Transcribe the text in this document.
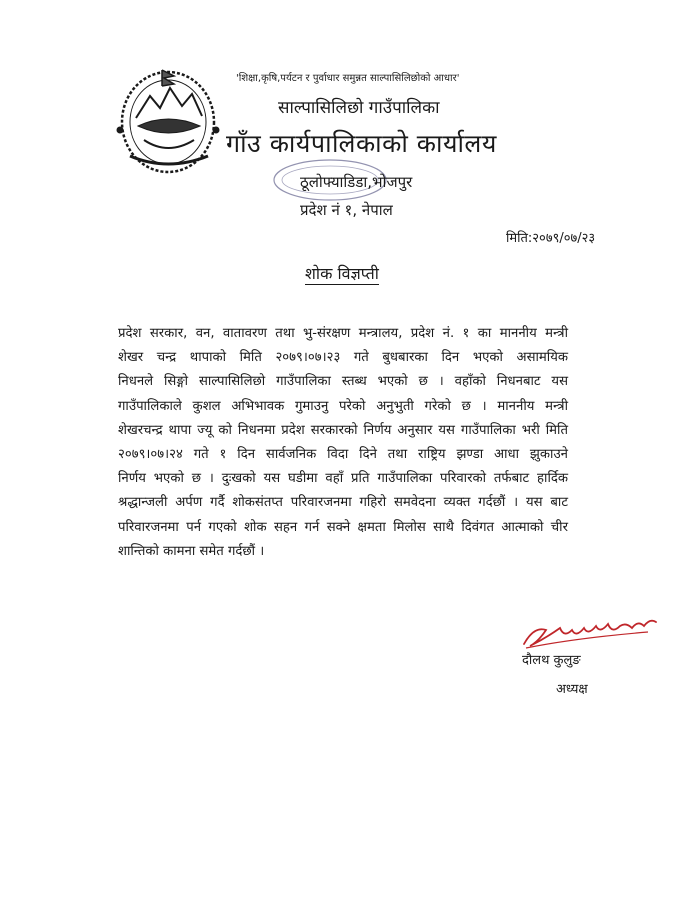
'शिक्षा,कृषि,पर्यटन र पुर्वाधार समुन्नत साल्पासिलिछोको आधार'
साल्पासिलिछो गाउँपालिका
गाँउ कार्यपालिकाको कार्यालय
ठूलोफ्याडिडा,भोजपुर
प्रदेश नं १, नेपाल
मिति:२०७९/०७/२३
शोक विज्ञप्ती
प्रदेश सरकार, वन, वातावरण तथा भु-संरक्षण मन्त्रालय, प्रदेश नं. १ का माननीय मन्त्री
शेखर चन्द्र थापाको मिति २०७९।०७।२३ गते बुधबारका दिन भएको असामयिक
निधनले सिङ्गो साल्पासिलिछो गाउँपालिका स्तब्ध भएको छ । वहाँको निधनबाट यस
गाउँपालिकाले कुशल अभिभावक गुमाउनु परेको अनुभुती गरेको छ । माननीय मन्त्री
शेखरचन्द्र थापा ज्यू को निधनमा प्रदेश सरकारको निर्णय अनुसार यस गाउँपालिका भरी मिति
२०७९।०७।२४ गते १ दिन सार्वजनिक विदा दिने तथा राष्ट्रिय झण्डा आधा झुकाउने
निर्णय भएको छ । दुःखको यस घडीमा वहाँ प्रति गाउँपालिका परिवारको तर्फबाट हार्दिक
श्रद्धान्जली अर्पण गर्दै शोकसंतप्त परिवारजनमा गहिरो समवेदना व्यक्त गर्दछौं । यस बाट
परिवारजनमा पर्न गएको शोक सहन गर्न सक्ने क्षमता मिलोस साथै दिवंगत आत्माको चीर
शान्तिको कामना समेत गर्दछौं ।
दौलथ कुलुङ
अध्यक्ष
